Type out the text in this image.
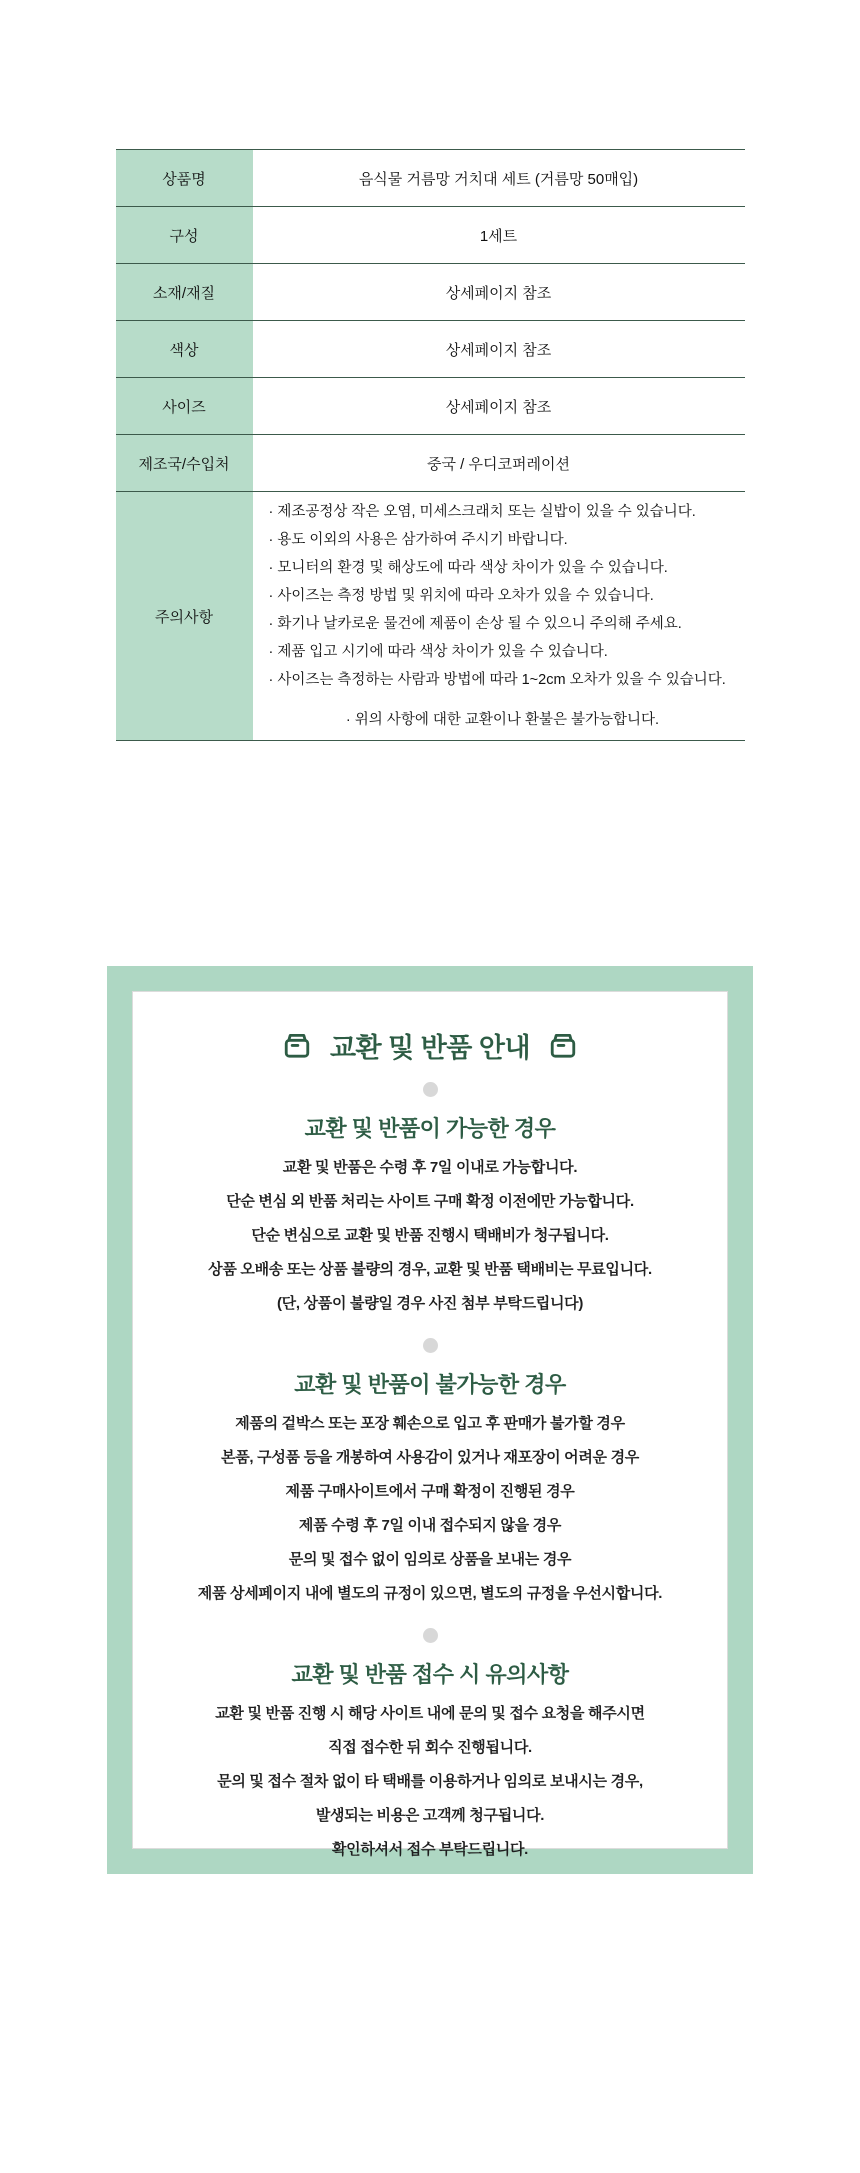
상품명	음식물 거름망 거치대 세트 (거름망 50매입)
구성	1세트
소재/재질	상세페이지 참조
색상	상세페이지 참조
사이즈	상세페이지 참조
제조국/수입처	중국 / 우디코퍼레이션
주의사항	
· 제조공정상 작은 오염, 미세스크래치 또는 실밥이 있을 수 있습니다.
· 용도 이외의 사용은 삼가하여 주시기 바랍니다.
· 모니터의 환경 및 해상도에 따라 색상 차이가 있을 수 있습니다.
· 사이즈는 측정 방법 및 위치에 따라 오차가 있을 수 있습니다.
· 화기나 날카로운 물건에 제품이 손상 될 수 있으니 주의해 주세요.
· 제품 입고 시기에 따라 색상 차이가 있을 수 있습니다.
· 사이즈는 측정하는 사람과 방법에 따라 1~2cm 오차가 있을 수 있습니다.
· 위의 사항에 대한 교환이나 환불은 불가능합니다.
교환 및 반품 안내
교환 및 반품이 가능한 경우

교환 및 반품은 수령 후 7일 이내로 가능합니다.

단순 변심 외 반품 처리는 사이트 구매 확정 이전에만 가능합니다.

단순 변심으로 교환 및 반품 진행시 택배비가 청구됩니다.

상품 오배송 또는 상품 불량의 경우, 교환 및 반품 택배비는 무료입니다.

(단, 상품이 불량일 경우 사진 첨부 부탁드립니다)

교환 및 반품이 불가능한 경우

제품의 겉박스 또는 포장 훼손으로 입고 후 판매가 불가할 경우

본품, 구성품 등을 개봉하여 사용감이 있거나 재포장이 어려운 경우

제품 구매사이트에서 구매 확정이 진행된 경우

제품 수령 후 7일 이내 접수되지 않을 경우

문의 및 접수 없이 임의로 상품을 보내는 경우

제품 상세페이지 내에 별도의 규정이 있으면, 별도의 규정을 우선시합니다.

교환 및 반품 접수 시 유의사항

교환 및 반품 진행 시 해당 사이트 내에 문의 및 접수 요청을 해주시면

직접 접수한 뒤 회수 진행됩니다.

문의 및 접수 절차 없이 타 택배를 이용하거나 임의로 보내시는 경우,

발생되는 비용은 고객께 청구됩니다.

확인하셔서 접수 부탁드립니다.
